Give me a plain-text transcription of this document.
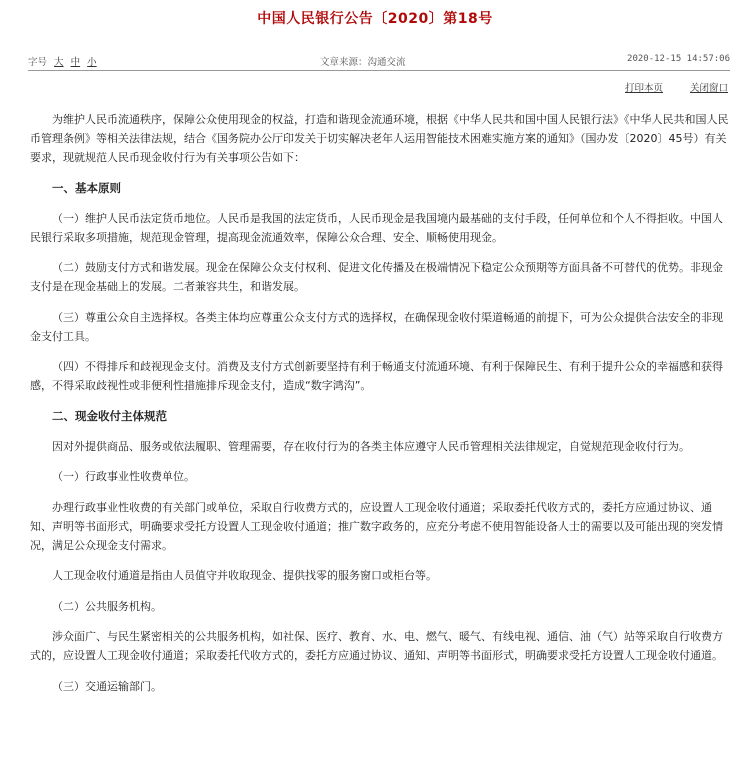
中国人民银行公告〔2020〕第18号
字号 大 中 小	文章来源：沟通交流	2020-12-15 14:57:06
打印本页	关闭窗口

为维护人民币流通秩序，保障公众使用现金的权益，打造和谐现金流通环境，根据《中华人民共和国中国人民银行法》《中华人民共和国人民币管理条例》等相关法律法规，结合《国务院办公厅印发关于切实解决老年人运用智能技术困难实施方案的通知》（国办发〔2020〕45号）有关要求，现就规范人民币现金收付行为有关事项公告如下：

一、基本原则

（一）维护人民币法定货币地位。人民币是我国的法定货币，人民币现金是我国境内最基础的支付手段，任何单位和个人不得拒收。中国人民银行采取多项措施，规范现金管理，提高现金流通效率，保障公众合理、安全、顺畅使用现金。

（二）鼓励支付方式和谐发展。现金在保障公众支付权利、促进文化传播及在极端情况下稳定公众预期等方面具备不可替代的优势。非现金支付是在现金基础上的发展。二者兼容共生，和谐发展。

（三）尊重公众自主选择权。各类主体均应尊重公众支付方式的选择权，在确保现金收付渠道畅通的前提下，可为公众提供合法安全的非现金支付工具。

（四）不得排斥和歧视现金支付。消费及支付方式创新要坚持有利于畅通支付流通环境、有利于保障民生、有利于提升公众的幸福感和获得感，不得采取歧视性或非便利性措施排斥现金支付，造成“数字鸿沟”。

二、现金收付主体规范

因对外提供商品、服务或依法履职、管理需要，存在收付行为的各类主体应遵守人民币管理相关法律规定，自觉规范现金收付行为。

（一）行政事业性收费单位。

办理行政事业性收费的有关部门或单位，采取自行收费方式的，应设置人工现金收付通道；采取委托代收方式的，委托方应通过协议、通知、声明等书面形式，明确要求受托方设置人工现金收付通道；推广数字政务的，应充分考虑不使用智能设备人士的需要以及可能出现的突发情况，满足公众现金支付需求。

人工现金收付通道是指由人员值守并收取现金、提供找零的服务窗口或柜台等。

（二）公共服务机构。

涉众面广、与民生紧密相关的公共服务机构，如社保、医疗、教育、水、电、燃气、暖气、有线电视、通信、油（气）站等采取自行收费方式的，应设置人工现金收付通道；采取委托代收方式的，委托方应通过协议、通知、声明等书面形式，明确要求受托方设置人工现金收付通道。

（三）交通运输部门。
